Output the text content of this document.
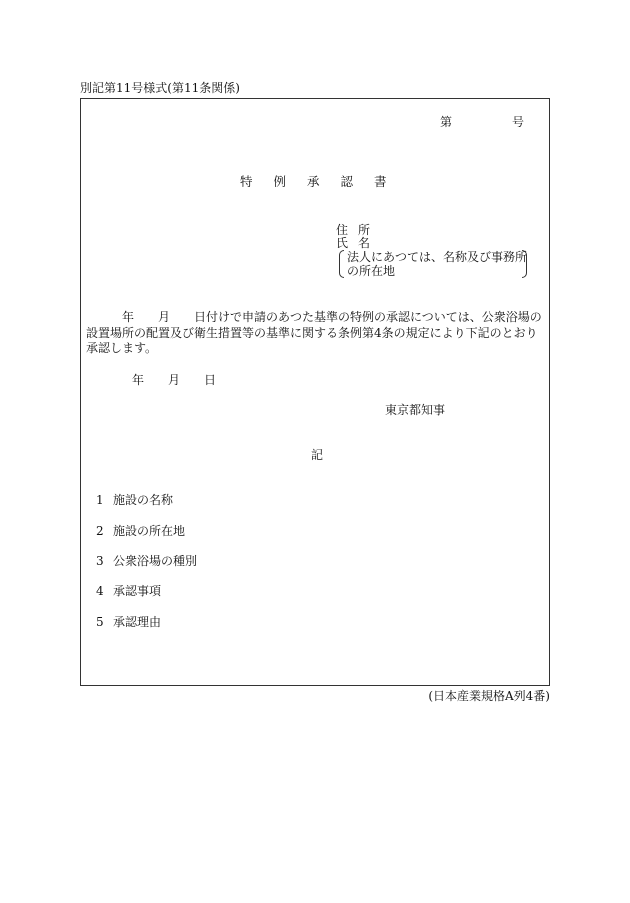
別記第11号様式(第11条関係)
第	号
特例承認書
住所
氏名
法人にあつては、名称及び事務所
の所在地
年　　月　　日付けで申請のあつた基準の特例の承認については、公衆浴場の設置場所の配置及び衛生措置等の基準に関する条例第4条の規定により下記のとおり承認します。
年　　月　　日
東京都知事
記
1 施設の名称
2 施設の所在地
3 公衆浴場の種別
4 承認事項
5 承認理由
(日本産業規格A列4番)
